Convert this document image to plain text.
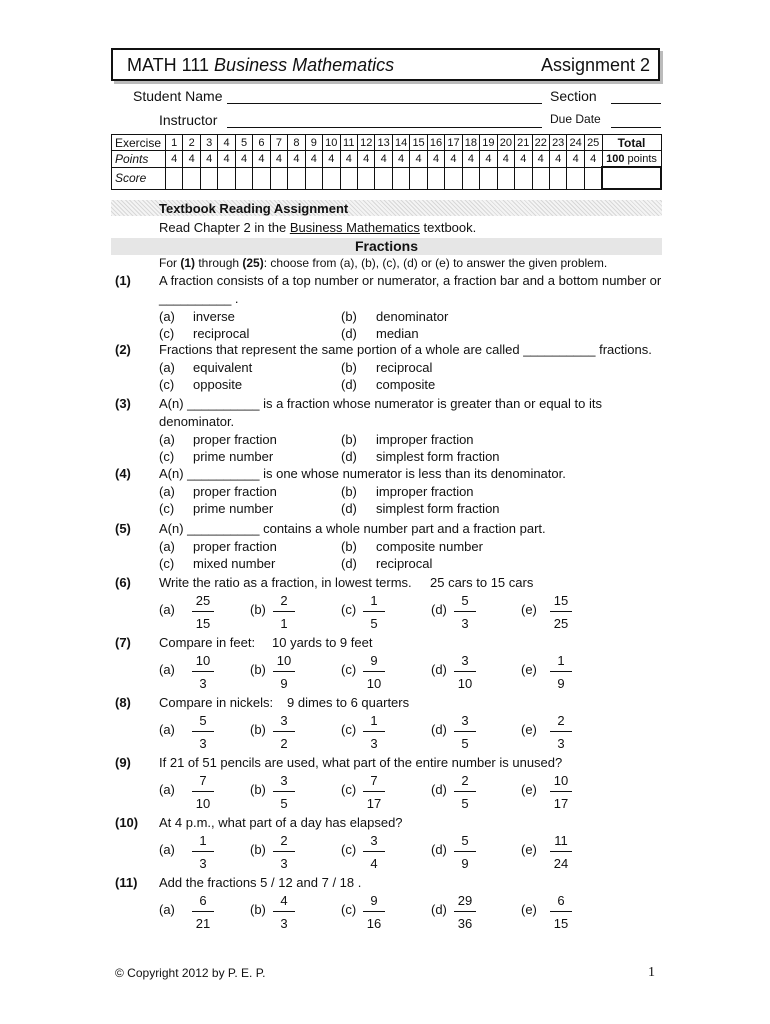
MATH 111 Business Mathematics	Assignment 2
Student Name	Section
Instructor	Due Date
Exercise	1	2	3	4	5	6	7	8	9	10	11	12	13	14	15	16	17	18	19	20	21	22	23	24	25	Total
Points	4	4	4	4	4	4	4	4	4	4	4	4	4	4	4	4	4	4	4	4	4	4	4	4	4	100 points
Score																										
Textbook Reading Assignment
Read Chapter 2 in the Business Mathematics textbook.
Fractions
For (1) through (25): choose from (a), (b), (c), (d) or (e) to answer the given problem.
(1) A fraction consists of a top number or numerator, a fraction bar and a bottom number or
__________ .
(a) inverse	(b) denominator
(c) reciprocal	(d) median
(2) Fractions that represent the same portion of a whole are called __________ fractions.
(a) equivalent	(b) reciprocal
(c) opposite	(d) composite
(3) A(n) __________ is a fraction whose numerator is greater than or equal to its
denominator.
(a) proper fraction	(b) improper fraction
(c) prime number	(d) simplest form fraction
(4) A(n) __________ is one whose numerator is less than its denominator.
(a) proper fraction	(b) improper fraction
(c) prime number	(d) simplest form fraction
(5) A(n) __________ contains a whole number part and a fraction part.
(a) proper fraction	(b) composite number
(c) mixed number	(d) reciprocal
(6) Write the ratio as a fraction, in lowest terms. 25 cars to 15 cars
(a)
25
15
(b)
2
1
(c)
1
5
(d)
5
3
(e)
15
25
(7) Compare in feet: 10 yards to 9 feet
(a)
10
3
(b)
10
9
(c)
9
10
(d)
3
10
(e)
1
9
(8) Compare in nickels: 9 dimes to 6 quarters
(a)
5
3
(b)
3
2
(c)
1
3
(d)
3
5
(e)
2
3
(9) If 21 of 51 pencils are used, what part of the entire number is unused?
(a)
7
10
(b)
3
5
(c)
7
17
(d)
2
5
(e)
10
17
(10) At 4 p.m., what part of a day has elapsed?
(a)
1
3
(b)
2
3
(c)
3
4
(d)
5
9
(e)
11
24
(11) Add the fractions 5 / 12 and 7 / 18 .
(a)
6
21
(b)
4
3
(c)
9
16
(d)
29
36
(e)
6
15
© Copyright 2012 by P. E. P.	1
